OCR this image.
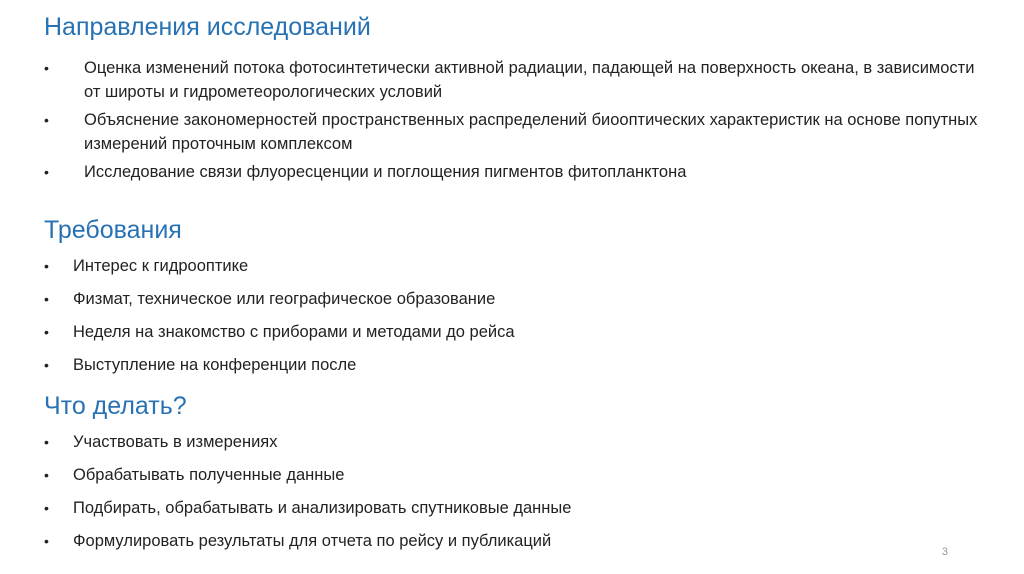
Направления исследований
• Оценка изменений потока фотосинтетически активной радиации, падающей на поверхность океана, в зависимости от широты и гидрометеорологических условий
• Объяснение закономерностей пространственных распределений биооптических характеристик на основе попутных измерений проточным комплексом
• Исследование связи флуоресценции и поглощения пигментов фитопланктона
Требования
• Интерес к гидрооптике
• Физмат, техническое или географическое образование
• Неделя на знакомство с приборами и методами до рейса
• Выступление на конференции после
Что делать?
• Участвовать в измерениях
• Обрабатывать полученные данные
• Подбирать, обрабатывать и анализировать спутниковые данные
• Формулировать результаты для отчета по рейсу и публикаций
3
